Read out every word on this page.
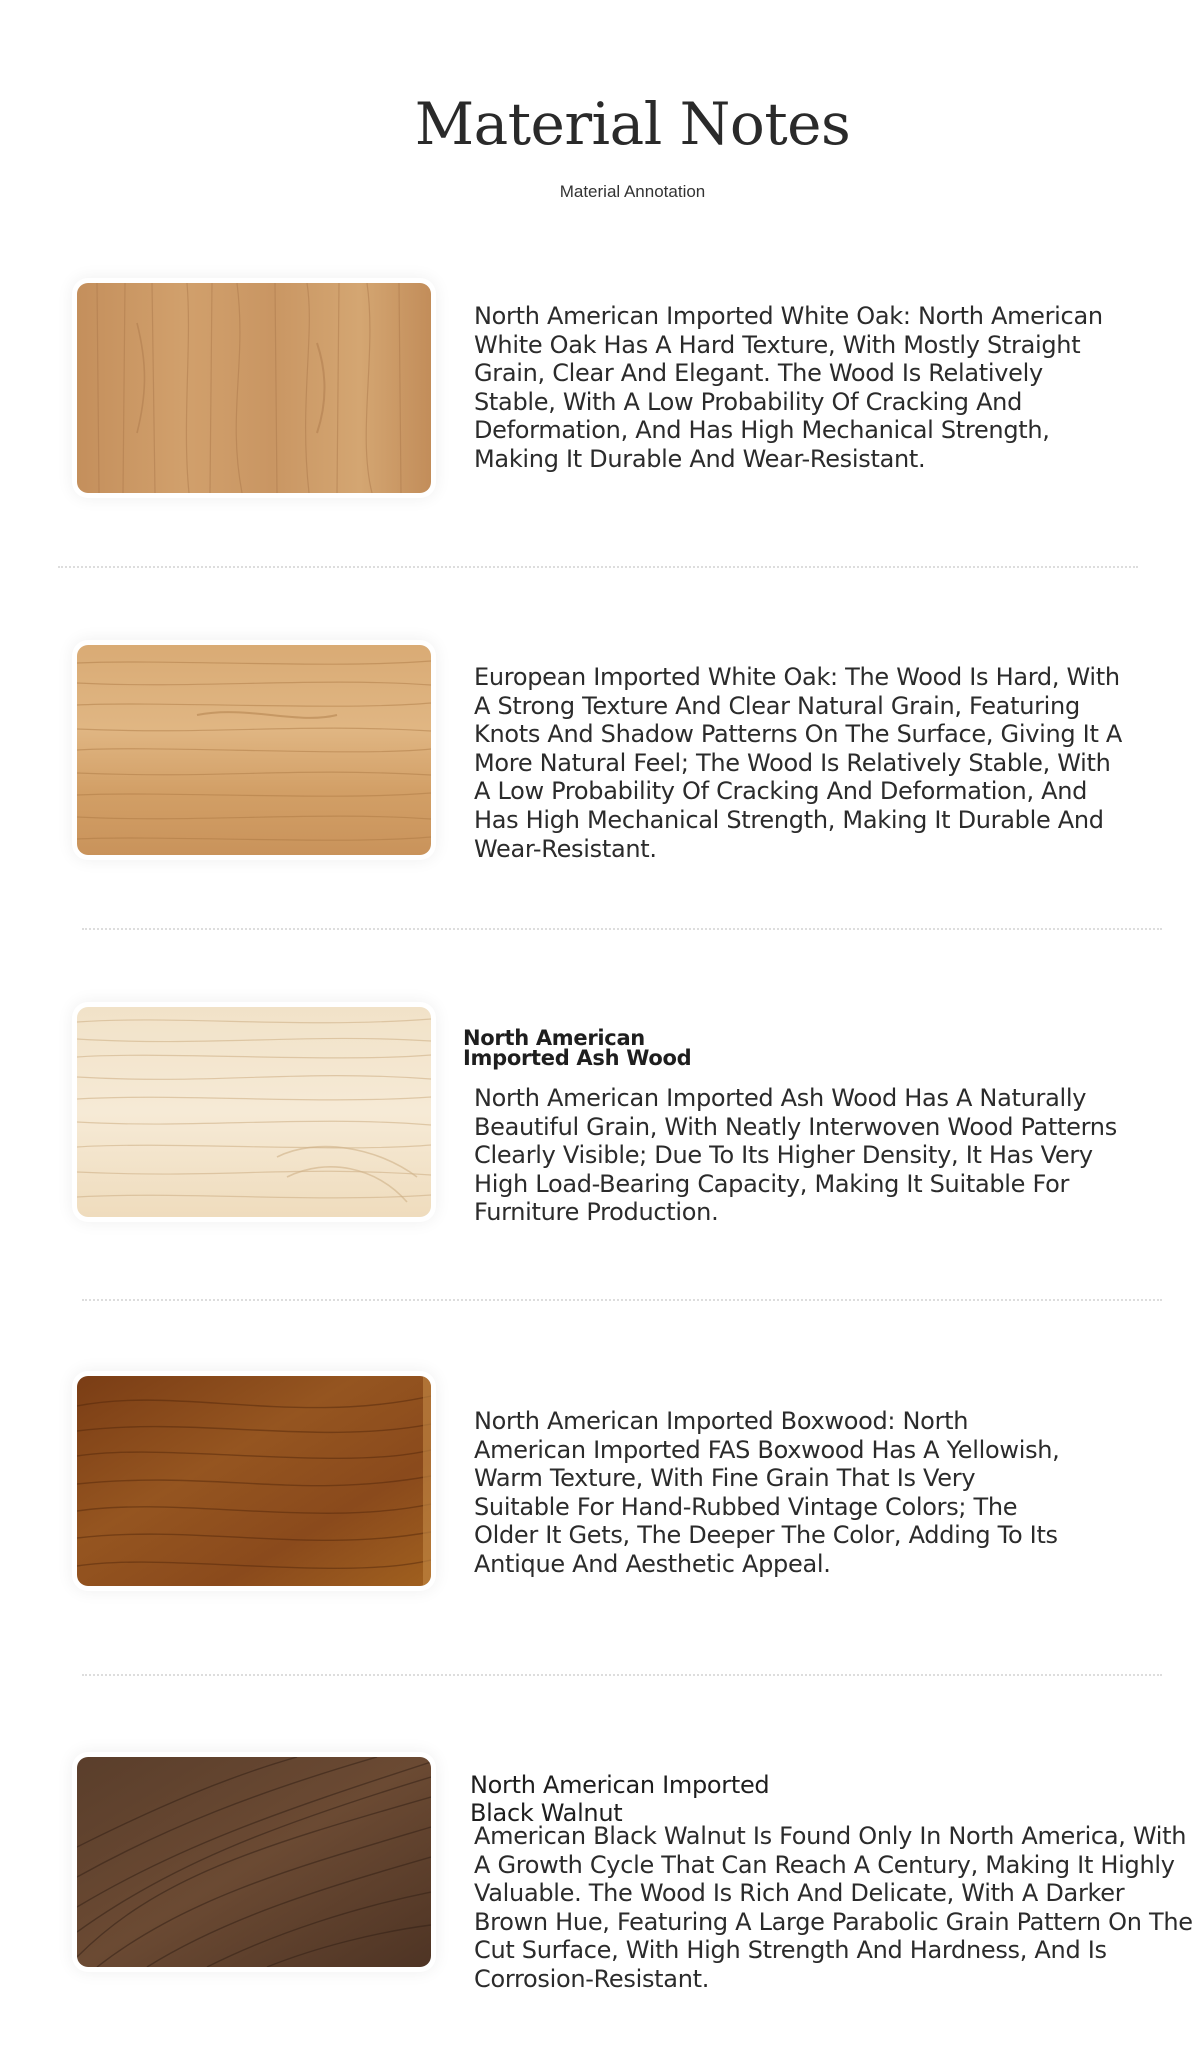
Material Notes
Material Annotation
North American Imported White Oak: North American White Oak Has A Hard Texture, With Mostly Straight Grain, Clear And Elegant. The Wood Is Relatively Stable, With A Low Probability Of Cracking And Deformation, And Has High Mechanical Strength, Making It Durable And Wear-Resistant.
European Imported White Oak: The Wood Is Hard, With A Strong Texture And Clear Natural Grain, Featuring Knots And Shadow Patterns On The Surface, Giving It A More Natural Feel; The Wood Is Relatively Stable, With A Low Probability Of Cracking And Deformation, And Has High Mechanical Strength, Making It Durable And Wear-Resistant.
North American Imported Ash Wood
North American Imported Ash Wood Has A Naturally Beautiful Grain, With Neatly Interwoven Wood Patterns Clearly Visible; Due To Its Higher Density, It Has Very High Load-Bearing Capacity, Making It Suitable For Furniture Production.
North American Imported Boxwood: North American Imported FAS Boxwood Has A Yellowish, Warm Texture, With Fine Grain That Is Very Suitable For Hand-Rubbed Vintage Colors; The Older It Gets, The Deeper The Color, Adding To Its Antique And Aesthetic Appeal.
North American Imported Black Walnut
American Black Walnut Is Found Only In North America, With A Growth Cycle That Can Reach A Century, Making It Highly Valuable. The Wood Is Rich And Delicate, With A Darker Brown Hue, Featuring A Large Parabolic Grain Pattern On The Cut Surface, With High Strength And Hardness, And Is Corrosion-Resistant.
